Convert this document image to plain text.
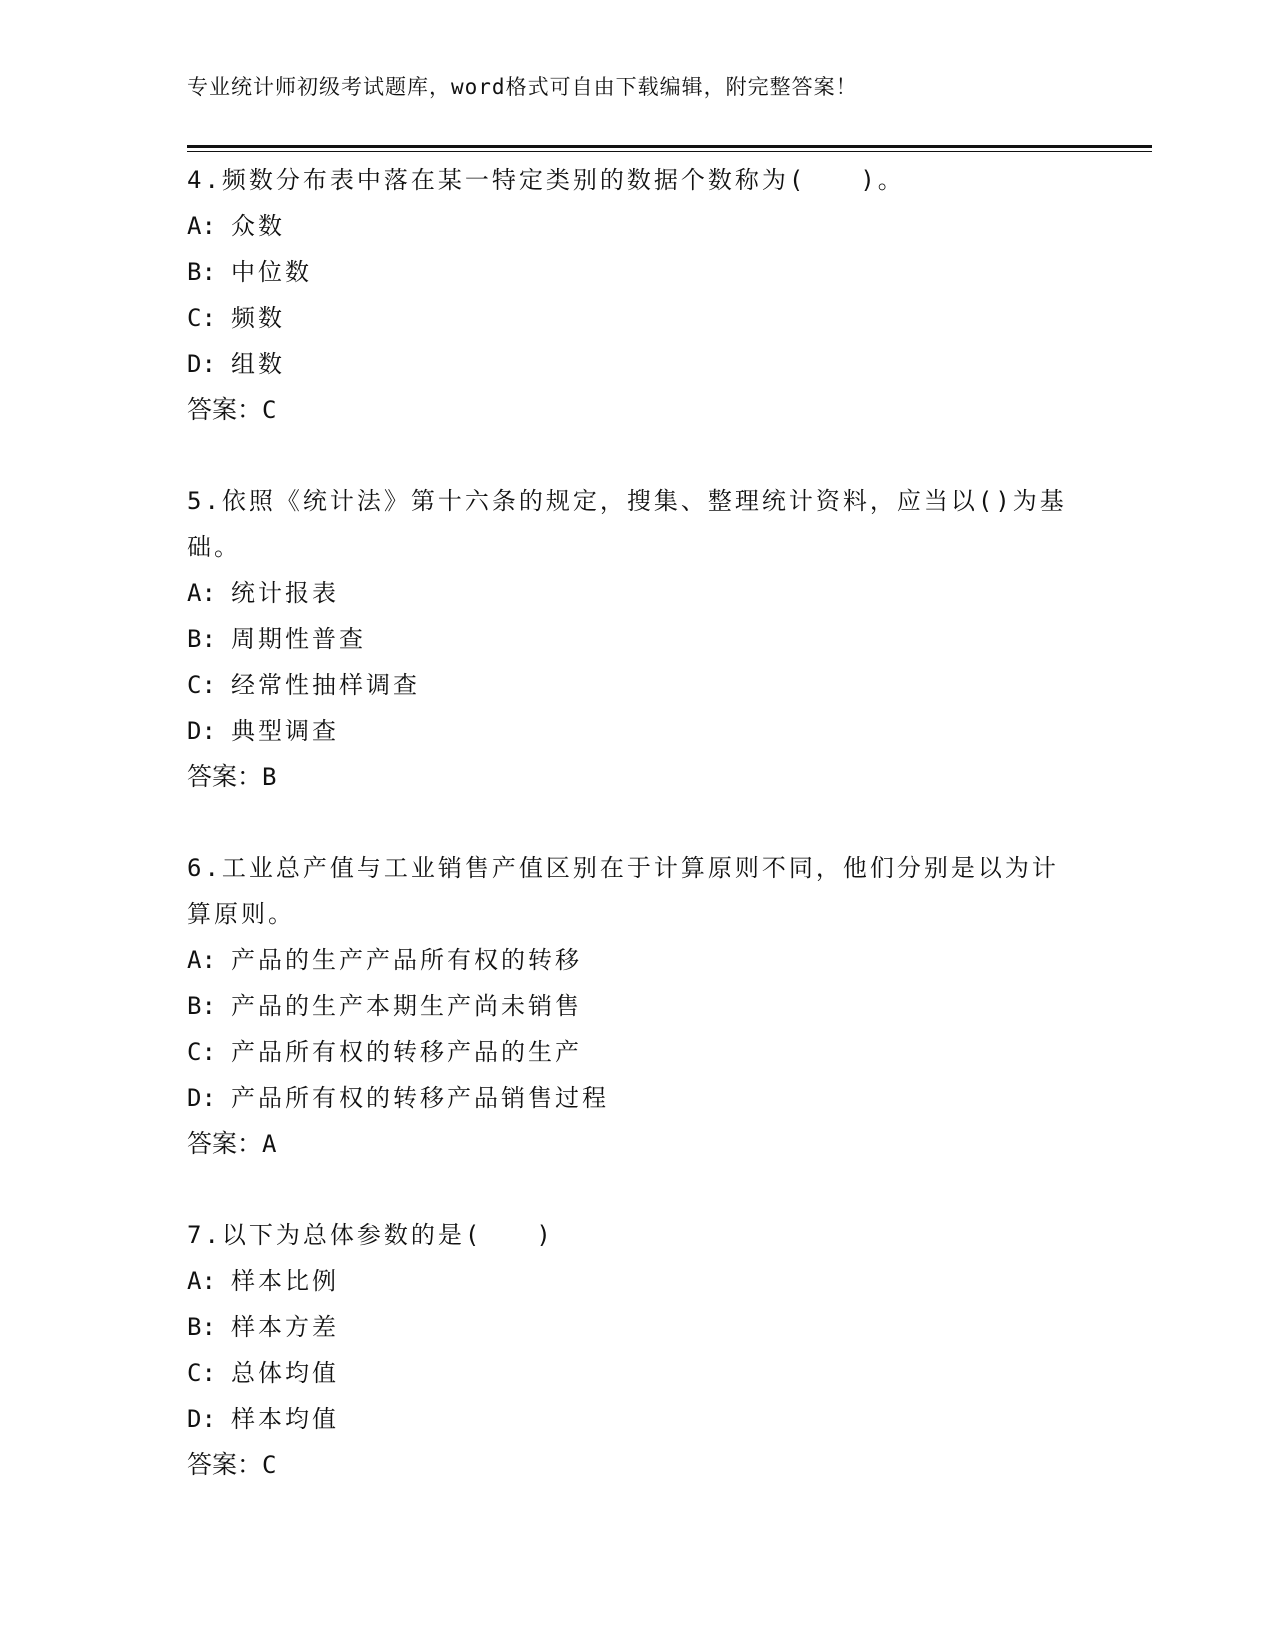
专业统计师初级考试题库，word格式可自由下载编辑，附完整答案！
4.频数分布表中落在某一特定类别的数据个数称为(　　)。
A: 众数
B: 中位数
C: 频数
D: 组数
答案：C
5.依照《统计法》第十六条的规定，搜集、整理统计资料，应当以()为基础。
A: 统计报表
B: 周期性普查
C: 经常性抽样调查
D: 典型调查
答案：B
6.工业总产值与工业销售产值区别在于计算原则不同，他们分别是以为计算原则。
A: 产品的生产产品所有权的转移
B: 产品的生产本期生产尚未销售
C: 产品所有权的转移产品的生产
D: 产品所有权的转移产品销售过程
答案：A
7.以下为总体参数的是(　　)
A: 样本比例
B: 样本方差
C: 总体均值
D: 样本均值
答案：C
